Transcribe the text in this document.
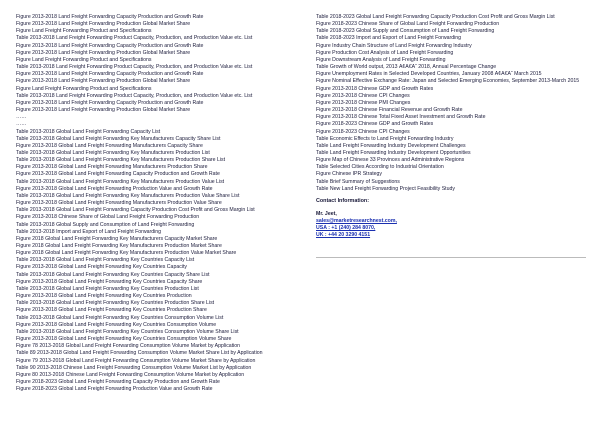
Figure 2013-2018 Land Freight Forwarding Capacity Production and Growth Rate
Figure 2013-2018 Land Freight Forwarding Production Global Market Share
Figure Land Freight Forwarding Product and Specifications
Table 2013-2018 Land Freight Forwarding Product Capacity, Production, and Production Value etc. List
Figure 2013-2018 Land Freight Forwarding Capacity Production and Growth Rate
Figure 2013-2018 Land Freight Forwarding Production Global Market Share
Figure Land Freight Forwarding Product and Specifications
Table 2013-2018 Land Freight Forwarding Product Capacity, Production, and Production Value etc. List
Figure 2013-2018 Land Freight Forwarding Capacity Production and Growth Rate
Figure 2013-2018 Land Freight Forwarding Production Global Market Share
Figure Land Freight Forwarding Product and Specifications
Table 2013-2018 Land Freight Forwarding Product Capacity, Production, and Production Value etc. List
Figure 2013-2018 Land Freight Forwarding Capacity Production and Growth Rate
Figure 2013-2018 Land Freight Forwarding Production Global Market Share
……
……
Table 2013-2018 Global Land Freight Forwarding Capacity List
Table 2013-2018 Global Land Freight Forwarding Key Manufacturers Capacity Share List
Figure 2013-2018 Global Land Freight Forwarding Manufacturers Capacity Share
Table 2013-2018 Global Land Freight Forwarding Key Manufacturers Production List
Table 2013-2018 Global Land Freight Forwarding Key Manufacturers Production Share List
Figure 2013-2018 Global Land Freight Forwarding Manufacturers Production Share
Figure 2013-2018 Global Land Freight Forwarding Capacity Production and Growth Rate
Table 2013-2018 Global Land Freight Forwarding Key Manufacturers Production Value List
Figure 2013-2018 Global Land Freight Forwarding Production Value and Growth Rate
Table 2013-2018 Global Land Freight Forwarding Key Manufacturers Production Value Share List
Figure 2013-2018 Global Land Freight Forwarding Manufacturers Production Value Share
Table 2013-2018 Global Land Freight Forwarding Capacity Production Cost Profit and Gross Margin List
Figure 2013-2018 Chinese Share of Global Land Freight Forwarding Production
Table 2013-2018 Global Supply and Consumption of Land Freight Forwarding
Table 2013-2018 Import and Export of Land Freight Forwarding
Figure 2018 Global Land Freight Forwarding Key Manufacturers Capacity Market Share
Figure 2018 Global Land Freight Forwarding Key Manufacturers Production Market Share
Figure 2018 Global Land Freight Forwarding Key Manufacturers Production Value Market Share
Table 2013-2018 Global Land Freight Forwarding Key Countries Capacity List
Figure 2013-2018 Global Land Freight Forwarding Key Countries Capacity
Table 2013-2018 Global Land Freight Forwarding Key Countries Capacity Share List
Figure 2013-2018 Global Land Freight Forwarding Key Countries Capacity Share
Table 2013-2018 Global Land Freight Forwarding Key Countries Production List
Figure 2013-2018 Global Land Freight Forwarding Key Countries Production
Table 2013-2018 Global Land Freight Forwarding Key Countries Production Share List
Figure 2013-2018 Global Land Freight Forwarding Key Countries Production Share
Table 2013-2018 Global Land Freight Forwarding Key Countries Consumption Volume List
Figure 2013-2018 Global Land Freight Forwarding Key Countries Consumption Volume
Table 2013-2018 Global Land Freight Forwarding Key Countries Consumption Volume Share List
Figure 2013-2018 Global Land Freight Forwarding Key Countries Consumption Volume Share
Figure 78 2013-2018 Global Land Freight Forwarding Consumption Volume Market by Application
Table 89 2013-2018 Global Land Freight Forwarding Consumption Volume Market Share List by Application
Figure 79 2013-2018 Global Land Freight Forwarding Consumption Volume Market Share by Application
Table 90 2013-2018 Chinese Land Freight Forwarding Consumption Volume Market List by Application
Figure 80 2013-2018 Chinese Land Freight Forwarding Consumption Volume Market by Application
Figure 2018-2023 Global Land Freight Forwarding Capacity Production and Growth Rate
Figure 2018-2023 Global Land Freight Forwarding Production Value and Growth Rate
Table 2018-2023 Global Land Freight Forwarding Capacity Production Cost Profit and Gross Margin List
Figure 2018-2023 Chinese Share of Global Land Freight Forwarding Production
Table 2018-2023 Global Supply and Consumption of Land Freight Forwarding
Table 2018-2023 Import and Export of Land Freight Forwarding
Figure Industry Chain Structure of Land Freight Forwarding Industry
Figure Production Cost Analysis of Land Freight Forwarding
Figure Downstream Analysis of Land Freight Forwarding
Table Growth of World output, 2013 Ã¢Â€Â“ 2018, Annual Percentage Change
Figure Unemployment Rates in Selected Developed Countries, January 2008 Ã¢Â€Â“ March 2015
Figure Nominal Effective Exchange Rate: Japan and Selected Emerging Economies, September 2013-March 2015
Figure 2013-2018 Chinese GDP and Growth Rates
Figure 2013-2018 Chinese CPI Changes
Figure 2013-2018 Chinese PMI Changes
Figure 2013-2018 Chinese Financial Revenue and Growth Rate
Figure 2013-2018 Chinese Total Fixed Asset Investment and Growth Rate
Figure 2018-2023 Chinese GDP and Growth Rates
Figure 2018-2023 Chinese CPI Changes
Table Economic Effects to Land Freight Forwarding Industry
Table Land Freight Forwarding Industry Development Challenges
Table Land Freight Forwarding Industry Development Opportunities
Figure Map of Chinese 33 Provinces and Administrative Regions
Table Selected Cities According to Industrial Orientation
Figure Chinese IPR Strategy
Table Brief Summary of Suggestions
Table New Land Freight Forwarding Project Feasibility Study
Contact Information:
Mr. Jeet,
sales@marketresearchnest.com,
USA : +1 (240) 284 8070,
UK : +44 20 3290 4151
